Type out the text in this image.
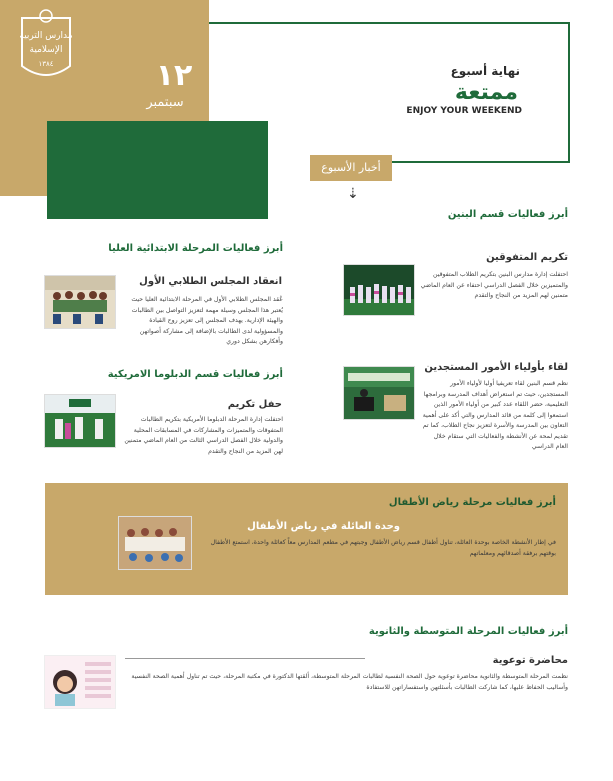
مدارس التربية
الإسلامية
١٣٨٤	١٢
سبتمبر
نهاية أسبوع
ممتعة
ENJOY YOUR WEEKEND
أخبار الأسبوع
⇣
أبرز فعاليات قسم البنين
تكريم المتفوقين
احتفلت إدارة مدارس البنين بتكريم الطلاب المتفوقين والمتميزين خلال الفصل الدراسي احتفاء عن العام الماضي متمنين لهم المزيد من النجاح والتقدم
لقاء بأولياء الأمور المستجدين
نظم قسم البنين لقاء تعريفيا أوليا لأولياء الأمور المستجدين، حيث تم استعراض أهداف المدرسة وبرامجها التعليمية، حضر اللقاء عدد كبير من أولياء الأمور الذين استمعوا إلى كلمة من قائد المدارس والتي أكد على أهمية التعاون بين المدرسة والأسرة لتعزيز نجاح الطلاب، كما تم تقديم لمحة عن الأنشطة والفعاليات التي ستقام خلال العام الدراسي
أبرز فعاليات المرحلة الابتدائية العليا
انعقاد المجلس الطلابي الأول
عُقد المجلس الطلابي الأول في المرحلة الابتدائية العليا حيث يُعتبر هذا المجلس وسيلة مهمة لتعزيز التواصل بين الطالبات والهيئة الإدارية. يهدف المجلس إلى تعزيز روح القيادة والمسؤولية لدى الطالبات بالإضافة إلى مشاركة أصواتهن وأفكارهن بشكل دوري
أبرز فعاليات قسم الدبلوما الامريكية
حفل تكريم
احتفلت إدارة المرحلة الدبلوما الأمريكية بتكريم الطالبات المتفوقات والمتميزات والمشاركات في المسابقات المحلية والدولية خلال الفصل الدراسي الثالث من العام الماضي متمنين لهن المزيد من النجاح والتقدم
أبرز فعاليات مرحلة رياض الأطفال
وحدة العائلة في رياض الأطفال
في إطار الأنشطة الخاصة بوحدة العائلة، تناول أطفال قسم رياض الأطفال وجبتهم في مطعم المدارس معاً كعائلة واحدة، استمتع الأطفال بوقتهم برفقة أصدقائهم ومعلماتهم
أبرز فعاليات المرحلة المتوسطة والثانوية
محاضرة توعوية
نظمت المرحلة المتوسطة والثانوية محاضرة توعوية حول الصحة النفسية لطالبات المرحلة المتوسطة، ألقتها الدكتورة في مكتبة المرحلة، حيث تم تناول أهمية الصحة النفسية وأساليب الحفاظ عليها، كما شاركت الطالبات بأسئلتهن واستفساراتهن للاستفادة
